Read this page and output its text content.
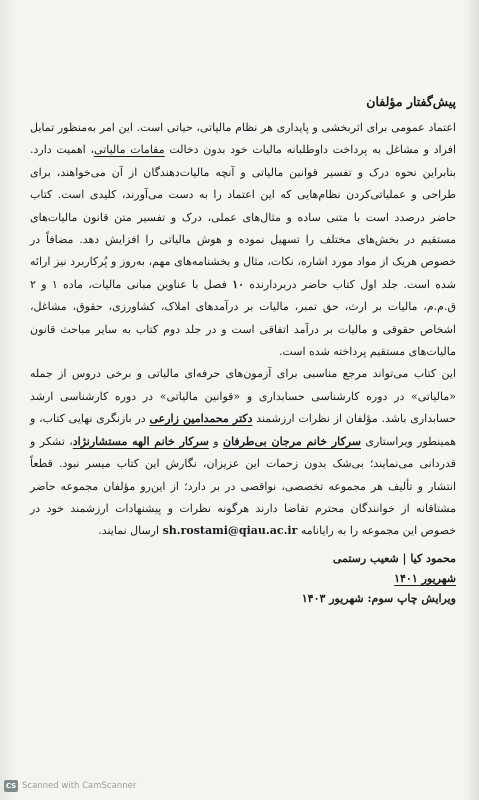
پیش‌گفتار مؤلفان

اعتماد عمومی برای اثربخشی و پایداری هر نظام مالیاتی، حیاتی است. این امر به‌منظور تمایل افراد و مشاغل به پرداخت داوطلبانه مالیات خود بدون دخالت مقامات مالیاتی، اهمیت دارد. بنابراین نحوه درک و تفسیر قوانین مالیاتی و آنچه مالیات‌دهندگان از آن می‌خواهند، برای طراحی و عملیاتی‌کردن نظام‌هایی که این اعتماد را به دست می‌آورند، کلیدی است. کتاب حاضر درصدد است با متنی ساده و مثال‌های عملی، درک و تفسیر متن قانون مالیات‌های مستقیم در بخش‌های مختلف را تسهیل نموده و هوش مالیاتی را افزایش دهد. مضافاً در خصوص هریک از مواد مورد اشاره، نکات، مثال و بخشنامه‌های مهم، به‌روز و پُرکاربرد نیز ارائه شده است. جلد اول کتاب حاضر دربردارنده ۱۰ فصل با عناوین مبانی مالیات، ماده ۱ و ۲ ق.م.م، مالیات بر ارث، حق تمبر، مالیات بر درآمدهای املاک، کشاورزی، حقوق، مشاغل، اشخاص حقوقی و مالیات بر درآمد اتفاقی است و در جلد دوم کتاب به سایر مباحث قانون مالیات‌های مستقیم پرداخته شده است.

این کتاب می‌تواند مرجع مناسبی برای آزمون‌های حرفه‌ای مالیاتی و برخی دروس از جمله «مالیاتی» در دوره کارشناسی حسابداری و «قوانین مالیاتی» در دوره کارشناسی ارشد حسابداری باشد. مؤلفان از نظرات ارزشمند دکتر محمدامین زارعی در بازنگری نهایی کتاب، و همینطور ویراستاری سرکار خانم مرجان بی‌طرفان و سرکار خانم الهه مستشارنژاد، تشکر و قدردانی می‌نمایند؛ بی‌شک بدون زحمات این عزیزان، نگارش این کتاب میسر نبود. قطعاً انتشار و تألیف هر مجموعه تخصصی، نواقصی در بر دارد؛ از این‌رو مؤلفان مجموعه حاضر مشتاقانه از خوانندگان محترم تقاضا دارند هرگونه نظرات و پیشنهادات ارزشمند خود در خصوص این مجموعه را به رایانامه sh.rostami@qiau.ac.ir ارسال نمایند.

محمود کیا | شعیب رستمی
شهریور ۱۴۰۱
ویرایش چاپ سوم: شهریور ۱۴۰۳
CS Scanned with CamScanner
